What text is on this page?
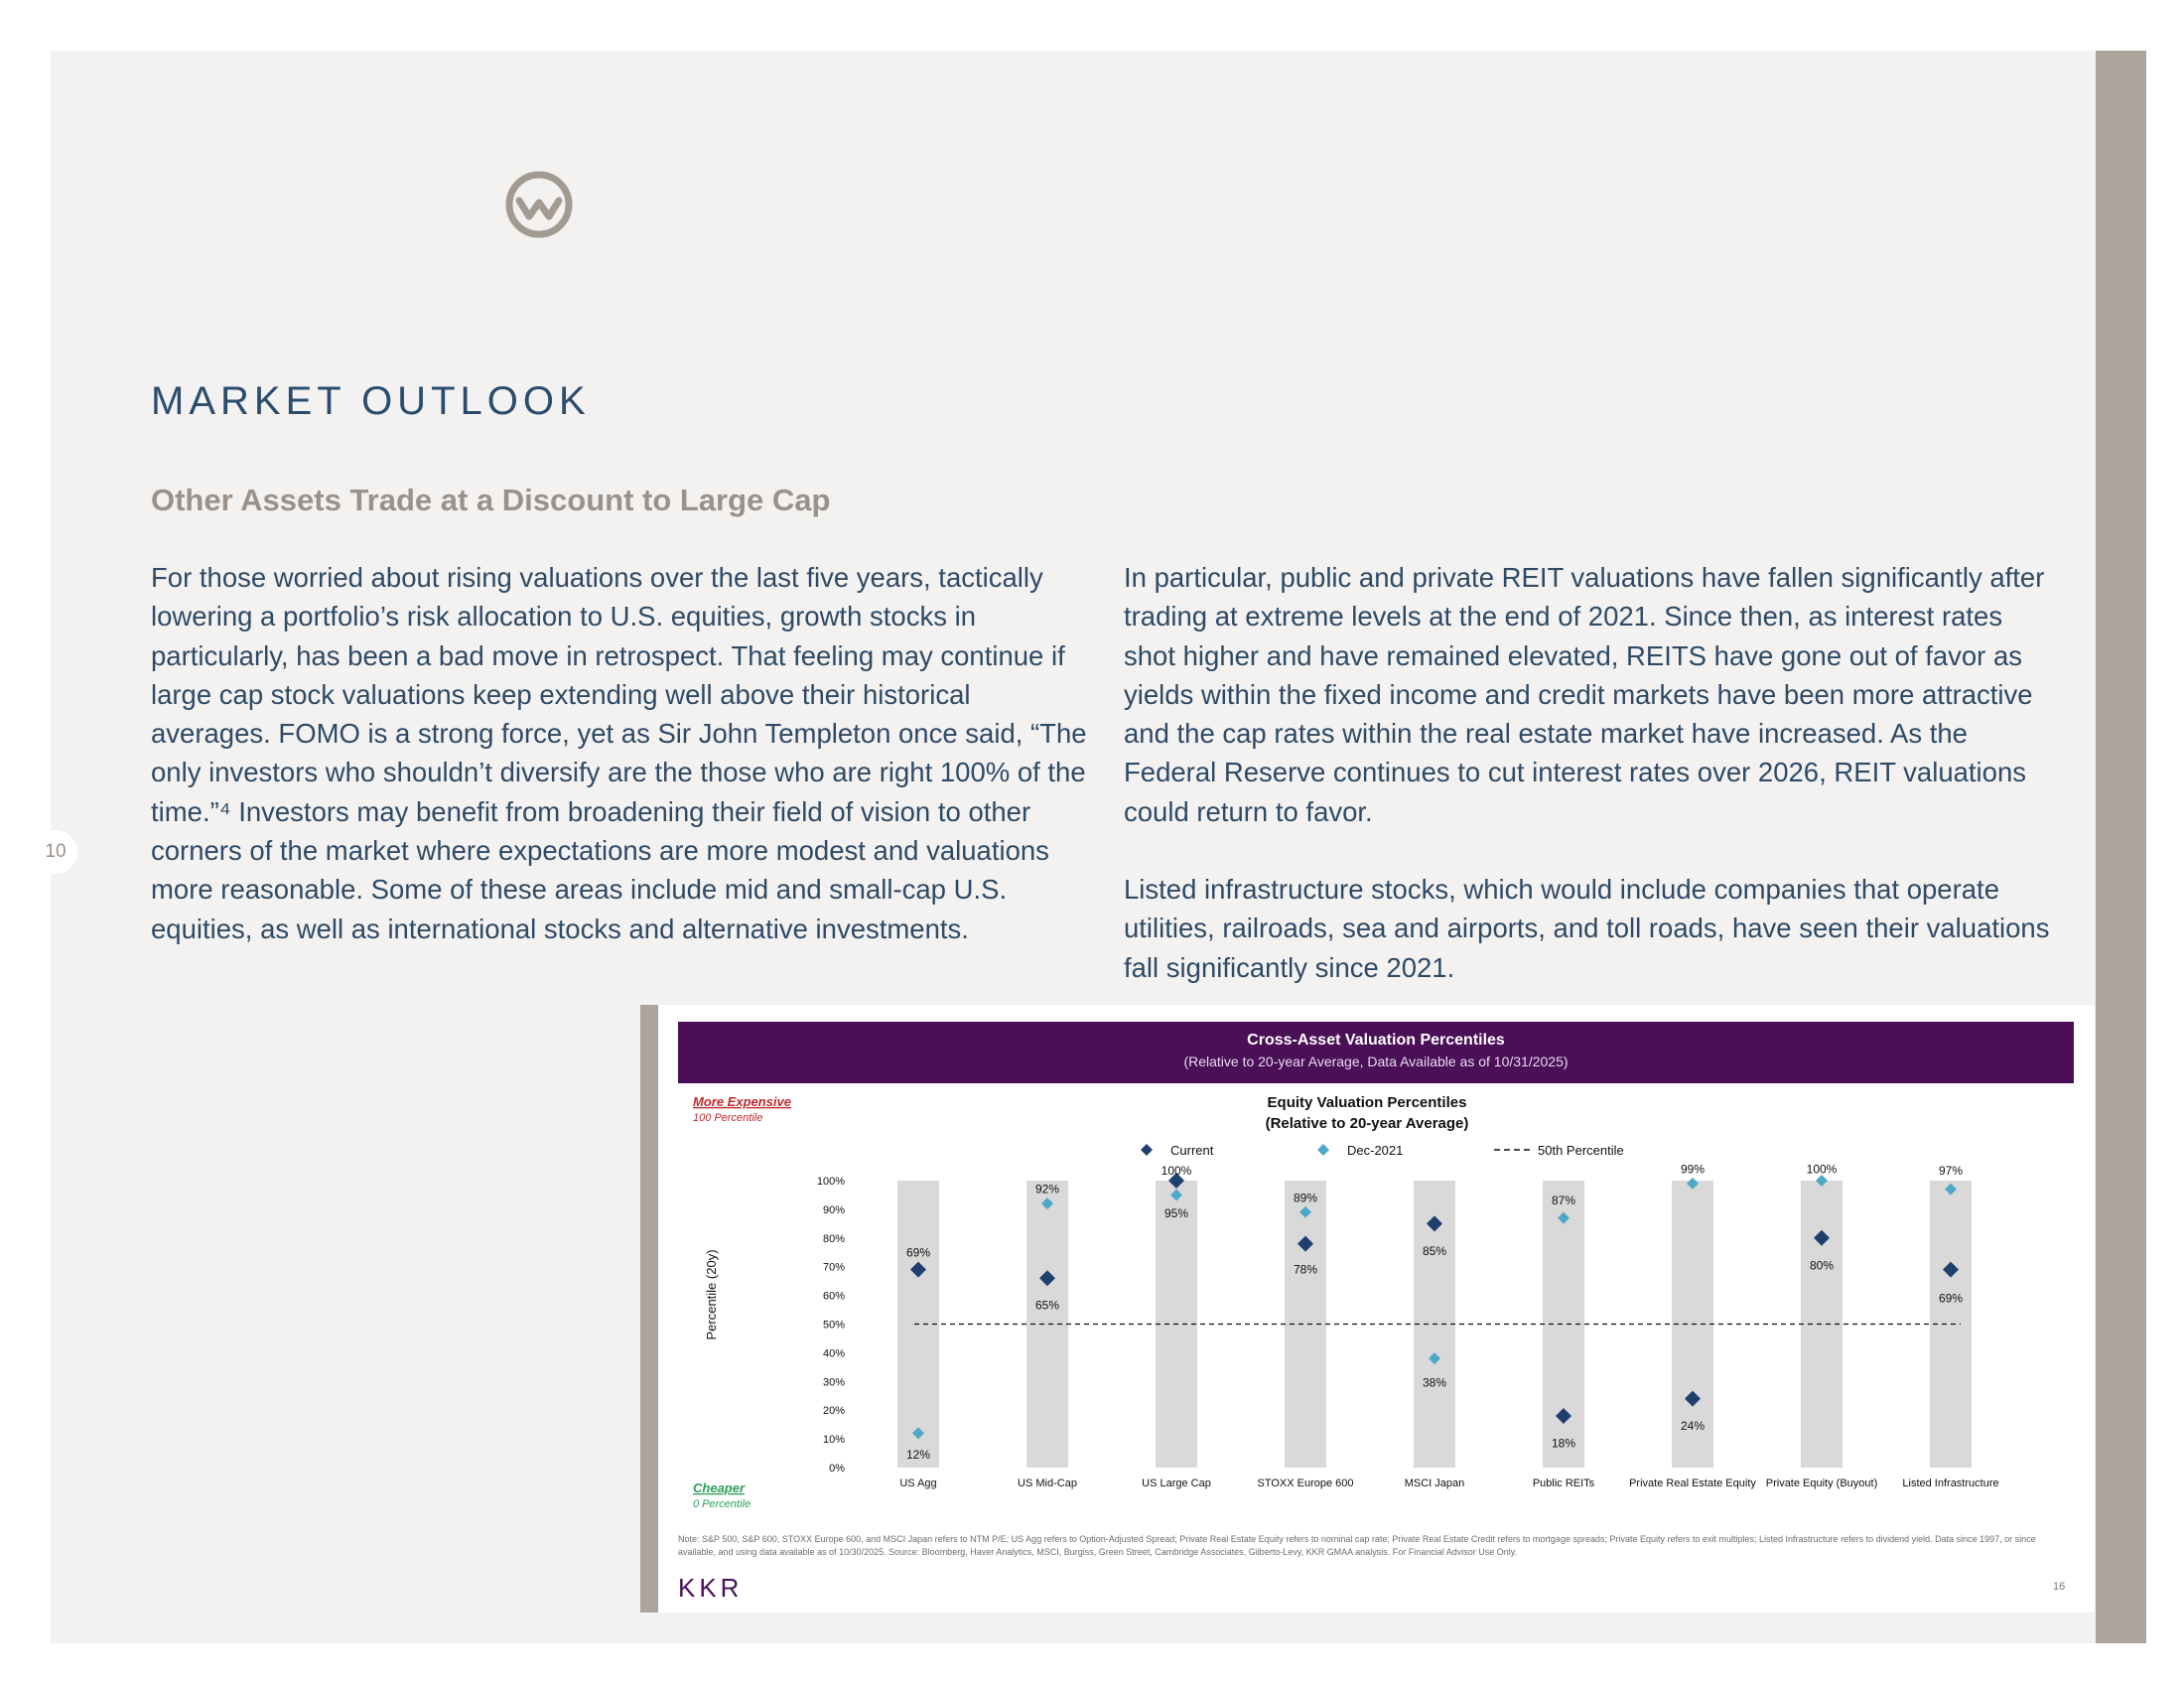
10
MARKET OUTLOOK
Other Assets Trade at a Discount to Large Cap

For those worried about rising valuations over the last five years, tactically lowering a portfolio’s risk allocation to U.S. equities, growth stocks in particularly, has been a bad move in retrospect. That feeling may continue if large cap stock valuations keep extending well above their historical averages. FOMO is a strong force, yet as Sir John Templeton once said, “The only investors who shouldn’t diversify are the those who are right 100% of the time.”⁴ Investors may benefit from broadening their field of vision to other corners of the market where expectations are more modest and valuations more reasonable. Some of these areas include mid and small-cap U.S. equities, as well as international stocks and alternative investments.

In particular, public and private REIT valuations have fallen significantly after trading at extreme levels at the end of 2021. Since then, as interest rates shot higher and have remained elevated, REITS have gone out of favor as yields within the fixed income and credit markets have been more attractive and the cap rates within the real estate market have increased. As the Federal Reserve continues to cut interest rates over 2026, REIT valuations could return to favor.

Listed infrastructure stocks, which would include companies that operate utilities, railroads, sea and airports, and toll roads, have seen their valuations fall significantly since 2021.

Cross-Asset Valuation Percentiles
(Relative to 20-year Average, Data Available as of 10/31/2025)
Equity Valuation Percentiles
(Relative to 20-year Average)
More Expensive
100 Percentile
Cheaper
0 Percentile
Current	Dec-2021	50th Percentile
Percentile (20y)
0%
10%
20%
30%
40%
50%
60%
70%
80%
90%
100%
US Agg	US Mid-Cap	US Large Cap	STOXX Europe 600	MSCI Japan	Public REITs	Private Real Estate Equity Private Equity (Buyout) Listed Infrastructure
69%
12%
92%
65%
100%
95%
89%
78%
85%
38%
87%
18%
99%
24%
100%
80%
97%
69%
Note: S&P 500, S&P 600, STOXX Europe 600, and MSCI Japan refers to NTM P/E; US Agg refers to Option-Adjusted Spread; Private Real Estate Equity refers to nominal cap rate; Private Real Estate Credit refers to mortgage spreads; Private Equity refers to exit multiples; Listed Infrastructure refers to dividend yield. Data since 1997, or since available, and using data available as of 10/30/2025. Source: Bloomberg, Haver Analytics, MSCI, Burgiss, Green Street, Cambridge Associates, Gilberto-Levy, KKR GMAA analysis. For Financial Advisor Use Only.
KKR	16
